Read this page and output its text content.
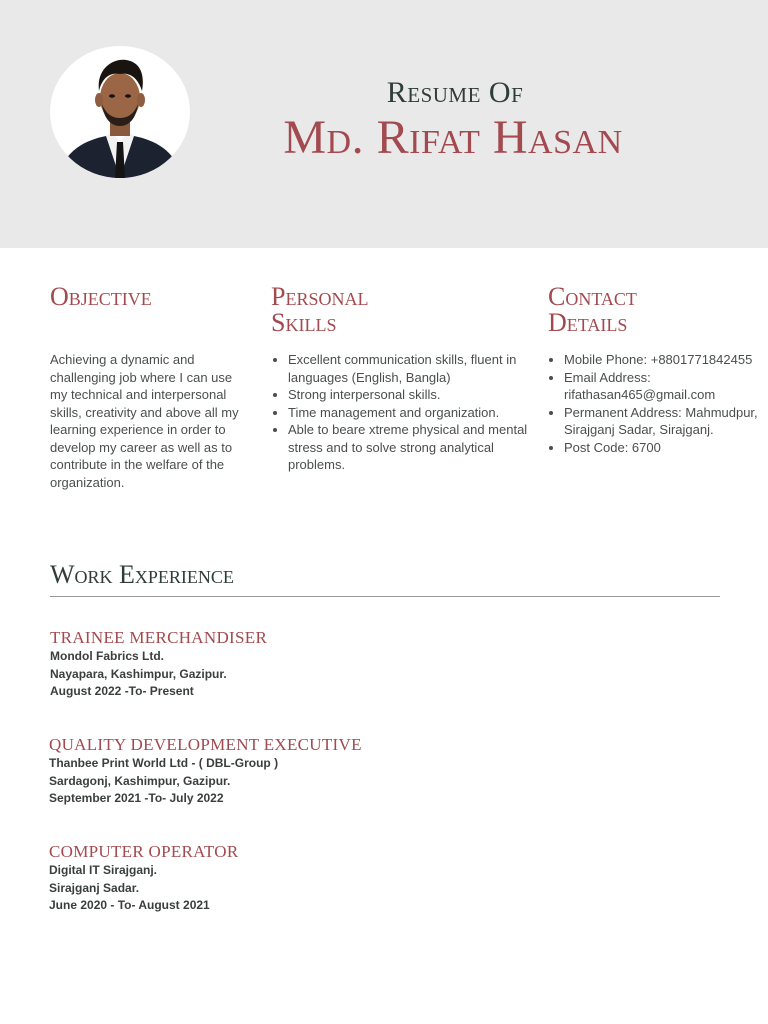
Resume Of
Md. Rifat Hasan
Objective

Achieving a dynamic and challenging job where I can use my technical and interpersonal skills, creativity and above all my learning experience in order to develop my career as well as to contribute in the welfare of the organization.

Personal
Skills
• Excellent communication skills, fluent in languages (English, Bangla)
• Strong interpersonal skills.
• Time management and organization.
• Able to beare xtreme physical and mental stress and to solve strong analytical problems.
Contact
Details
• Mobile Phone: +8801771842455
• Email Address: rifathasan465@gmail.com
• Permanent Address: Mahmudpur, Sirajganj Sadar, Sirajganj.
• Post Code: 6700
Work Experience

TRAINEE MERCHANDISER

Mondol Fabrics Ltd.

Nayapara, Kashimpur, Gazipur.

August 2022 -To- Present

QUALITY DEVELOPMENT EXECUTIVE

Thanbee Print World Ltd - ( DBL-Group )

Sardagonj, Kashimpur, Gazipur.

September 2021 -To- July 2022

COMPUTER OPERATOR

Digital IT Sirajganj.

Sirajganj Sadar.

June 2020 - To- August 2021
